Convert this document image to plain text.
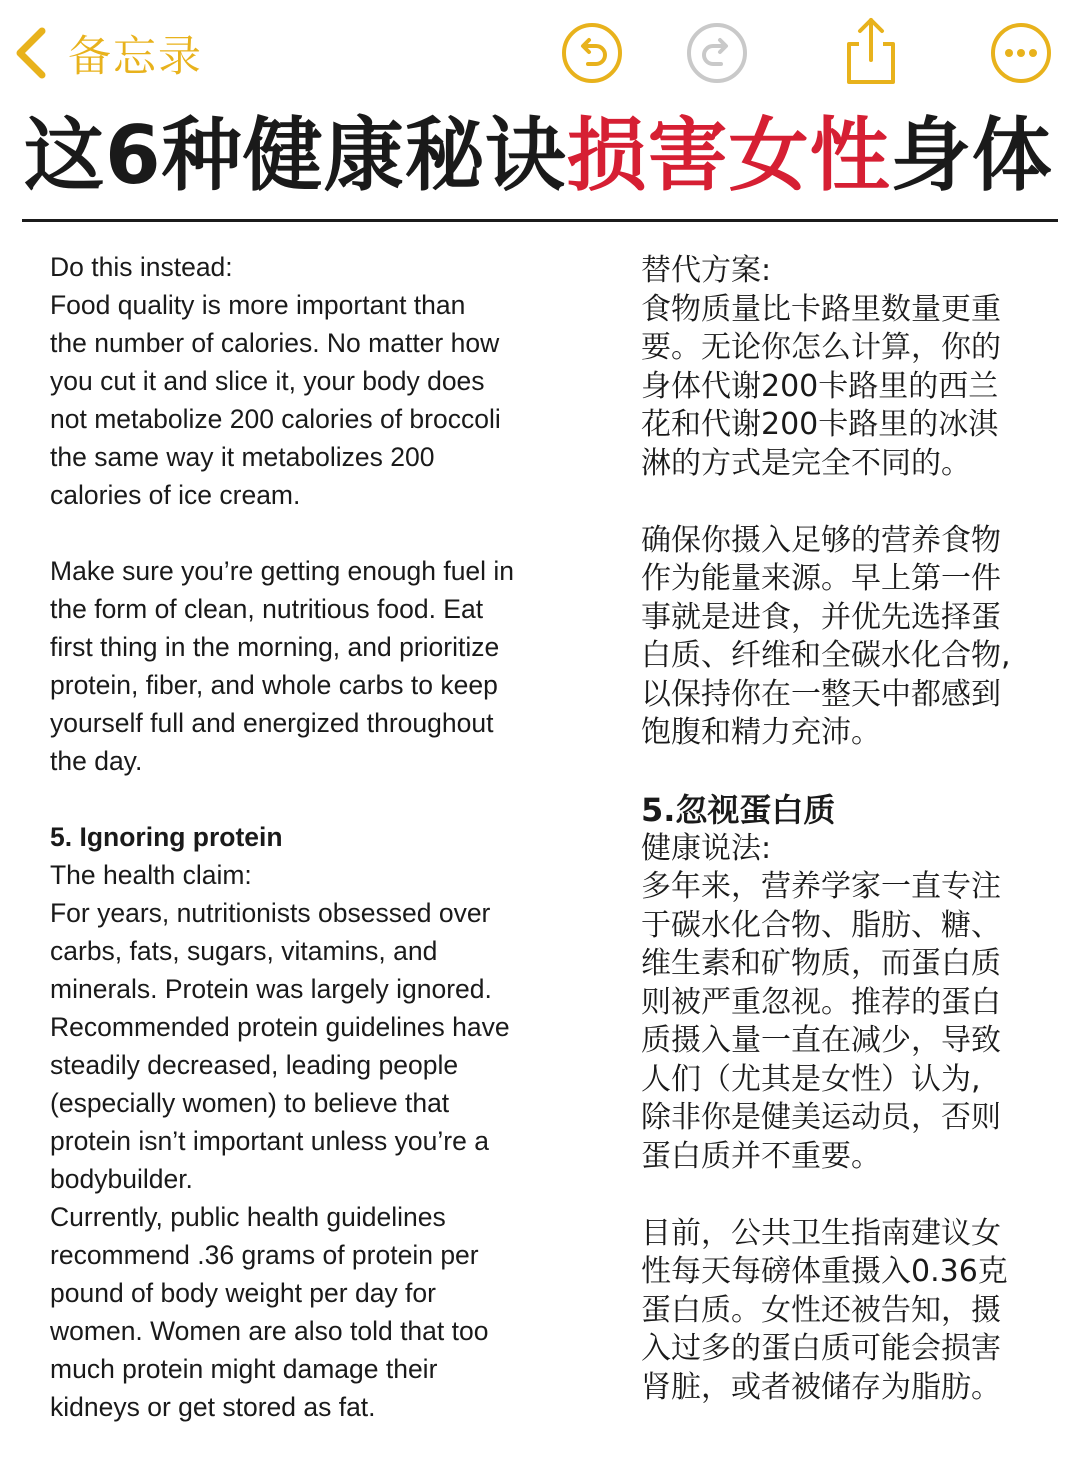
备忘录
这6种健康秘诀损害女性身体
Do this instead:
Food quality is more important than
the number of calories. No matter how
you cut it and slice it, your body does
not metabolize 200 calories of broccoli
the same way it metabolizes 200
calories of ice cream.
Make sure you’re getting enough fuel in
the form of clean, nutritious food. Eat
first thing in the morning, and prioritize
protein, fiber, and whole carbs to keep
yourself full and energized throughout
the day.
5. Ignoring protein
The health claim:
For years, nutritionists obsessed over
carbs, fats, sugars, vitamins, and
minerals. Protein was largely ignored.
Recommended protein guidelines have
steadily decreased, leading people
(especially women) to believe that
protein isn’t important unless you’re a
bodybuilder.
Currently, public health guidelines
recommend .36 grams of protein per
pound of body weight per day for
women. Women are also told that too
much protein might damage their
kidneys or get stored as fat.
替代方案:
食物质量比卡路里数量更重
要。无论你怎么计算，你的
身体代谢200卡路里的西兰
花和代谢200卡路里的冰淇
淋的方式是完全不同的。
确保你摄入足够的营养食物
作为能量来源。早上第一件
事就是进食，并优先选择蛋
白质、纤维和全碳水化合物,
以保持你在一整天中都感到
饱腹和精力充沛。
5.忽视蛋白质
健康说法:
多年来，营养学家一直专注
于碳水化合物、脂肪、糖、
维生素和矿物质，而蛋白质
则被严重忽视。推荐的蛋白
质摄入量一直在减少，导致
人们（尤其是女性）认为,
除非你是健美运动员，否则
蛋白质并不重要。
目前，公共卫生指南建议女
性每天每磅体重摄入0.36克
蛋白质。女性还被告知，摄
入过多的蛋白质可能会损害
肾脏，或者被储存为脂肪。
